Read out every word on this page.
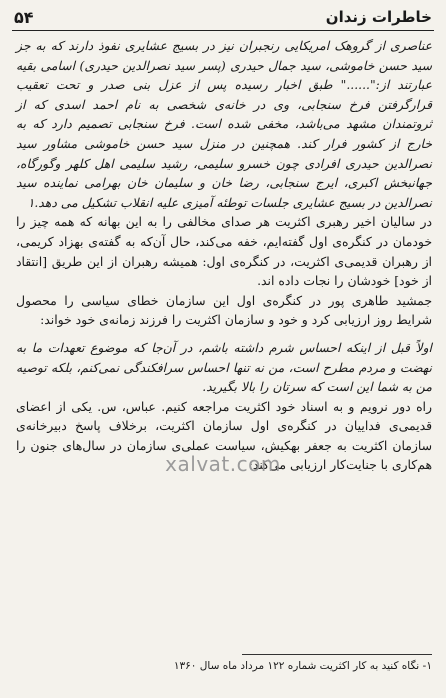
۵۴	خاطرات زندان

عناصری از گروهک امریکایی رنجبران نیز در بسیج عشایری نفوذ دارند که به جز سید حسن خاموشی، سید جمال حیدری (پسر سید نصرالدین حیدری) اسامی بقیه عبارتند از:"......" طبق اخبار رسیده پس از عزل بنی صدر و تحت تعقیب قرارگرفتن فرخ سنجابی، وی در خانه‌ی شخصی به نام احمد اسدی که از ثروتمندان مشهد می‌باشد، مخفی شده است. فرخ سنجابی تصمیم دارد که به خارج از کشور فرار کند. همچنین در منزل سید حسن خاموشی مشاور سید نصرالدین حیدری افرادی چون خسرو سلیمی، رشید سلیمی اهل کلهر وگورگاه، جهانبخش اکبری، ایرج سنجابی، رضا خان و سلیمان خان بهرامی نماینده سید نصرالدین در بسیج عشایری جلسات توطئه آمیزی علیه انقلاب تشکیل می دهد.۱

در سالیان اخیر رهبری اکثریت هر صدای مخالفی را به این بهانه که همه چیز را خودمان در کنگره‌ی اول گفته‌ایم، خفه می‌کند، حال آن‌که به گفته‌ی بهزاد کریمی، از رهبران قدیمی‌ی اکثریت، در کنگره‌ی اول: همیشه رهبران از این طریق [انتقاد از خود] خودشان را نجات داده اند.

جمشید طاهری پور در کنگره‌ی اول این سازمان خطای سیاسی را محصول شرایط روز ارزیابی کرد و خود و سازمان اکثریت را فرزند زمانه‌ی خود خواند:

اولاً قبل از اینکه احساس شرم داشته باشم، در آن‌جا که موضوع تعهدات ما به نهضت و مردم مطرح است، من نه تنها احساس سرافکندگی نمی‌کنم، بلکه توصیه من به شما این است که سرتان را بالا بگیرید.

راه دور نرویم و به اسناد خود اکثریت مراجعه کنیم. عباس، س. یکی از اعضای قدیمی‌ی فداییان در کنگره‌ی اول سازمان اکثریت، برخلاف پاسخ دبیرخانه‌ی سازمان اکثریت به جعفر بهکیش، سیاست عملی‌ی سازمان در سال‌های جنون را هم‌کاری با جنایت‌کار ارزیابی می‌کند:

xalvat.com
۱- نگاه کنید به کار اکثریت شماره ۱۲۲ مرداد ماه سال ۱۳۶۰
